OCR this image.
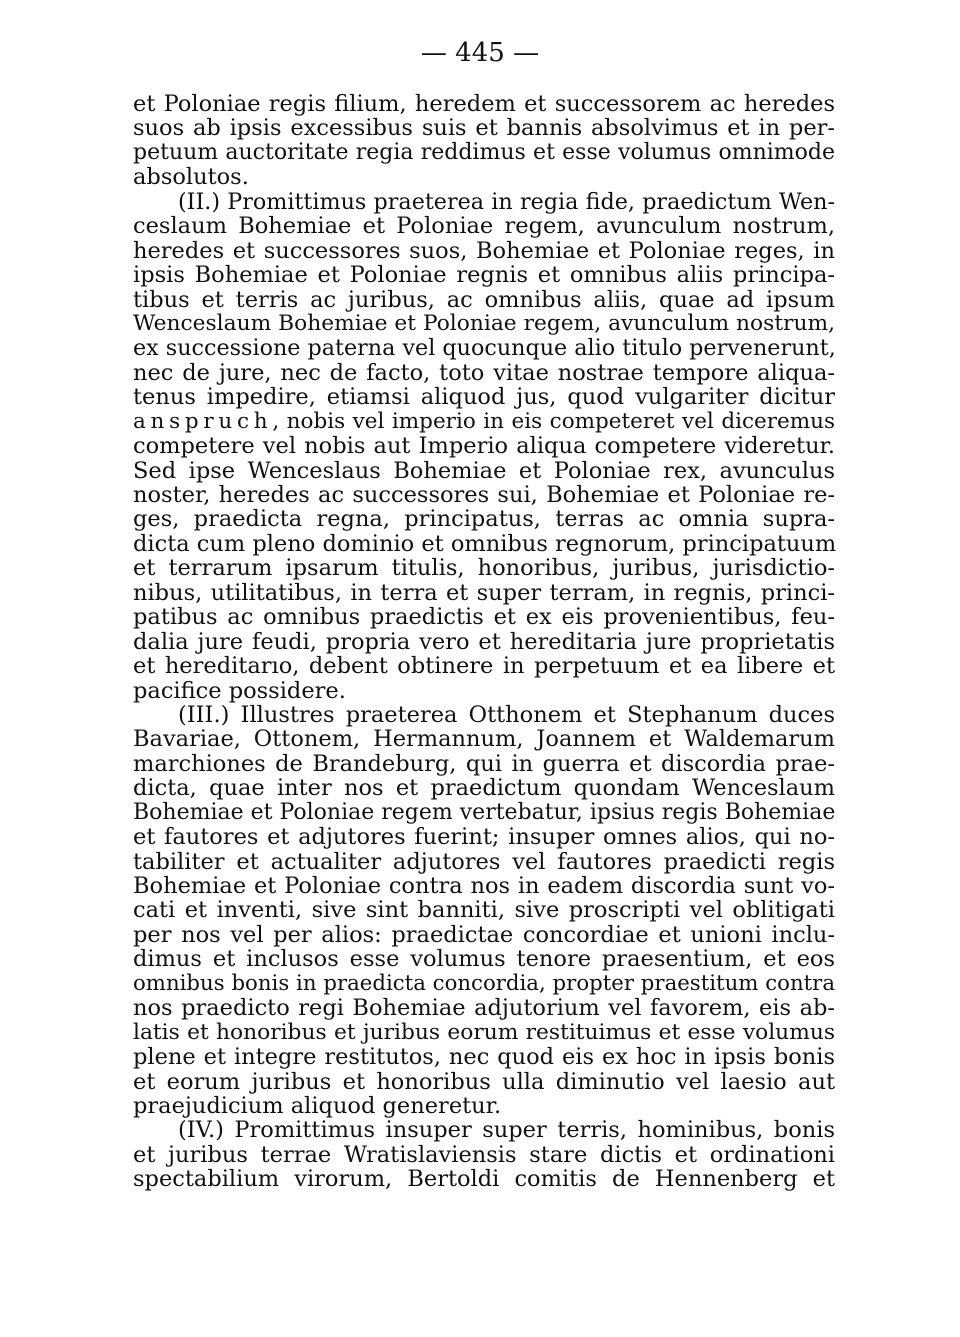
— 445 —
et Poloniae regis filium, heredem et successorem ac heredes
suos ab ipsis excessibus suis et bannis absolvimus et in per-
petuum auctoritate regia reddimus et esse volumus omnimode
absolutos.
(II.) Promittimus praeterea in regia fide, praedictum Wen-
ceslaum Bohemiae et Poloniae regem, avunculum nostrum,
heredes et successores suos, Bohemiae et Poloniae reges, in
ipsis Bohemiae et Poloniae regnis et omnibus aliis principa-
tibus et terris ac juribus, ac omnibus aliis, quae ad ipsum
Wenceslaum Bohemiae et Poloniae regem, avunculum nostrum,
ex successione paterna vel quocunque alio titulo pervenerunt,
nec de jure, nec de facto, toto vitae nostrae tempore aliqua-
tenus impedire, etiamsi aliquod jus, quod vulgariter dicitur
anspruch, nobis vel imperio in eis competeret vel diceremus
competere vel nobis aut Imperio aliqua competere videretur.
Sed ipse Wenceslaus Bohemiae et Poloniae rex, avunculus
noster, heredes ac successores sui, Bohemiae et Poloniae re-
ges, praedicta regna, principatus, terras ac omnia supra-
dicta cum pleno dominio et omnibus regnorum, principatuum
et terrarum ipsarum titulis, honoribus, juribus, jurisdictio-
nibus, utilitatibus, in terra et super terram, in regnis, princi-
patibus ac omnibus praedictis et ex eis provenientibus, feu-
dalia jure feudi, propria vero et hereditaria jure proprietatis
et hereditarıo, debent obtinere in perpetuum et ea libere et
pacifice possidere.
(III.) Illustres praeterea Otthonem et Stephanum duces
Bavariae, Ottonem, Hermannum, Joannem et Waldemarum
marchiones de Brandeburg, qui in guerra et discordia prae-
dicta, quae inter nos et praedictum quondam Wenceslaum
Bohemiae et Poloniae regem vertebatur, ipsius regis Bohemiae
et fautores et adjutores fuerint; insuper omnes alios, qui no-
tabiliter et actualiter adjutores vel fautores praedicti regis
Bohemiae et Poloniae contra nos in eadem discordia sunt vo-
cati et inventi, sive sint banniti, sive proscripti vel oblitigati
per nos vel per alios: praedictae concordiae et unioni inclu-
dimus et inclusos esse volumus tenore praesentium, et eos
omnibus bonis in praedicta concordia, propter praestitum contra
nos praedicto regi Bohemiae adjutorium vel favorem, eis ab-
latis et honoribus et juribus eorum restituimus et esse volumus
plene et integre restitutos, nec quod eis ex hoc in ipsis bonis
et eorum juribus et honoribus ulla diminutio vel laesio aut
praejudicium aliquod generetur.
(IV.) Promittimus insuper super terris, hominibus, bonis
et juribus terrae Wratislaviensis stare dictis et ordinationi
spectabilium virorum, Bertoldi comitis de Hennenberg et
